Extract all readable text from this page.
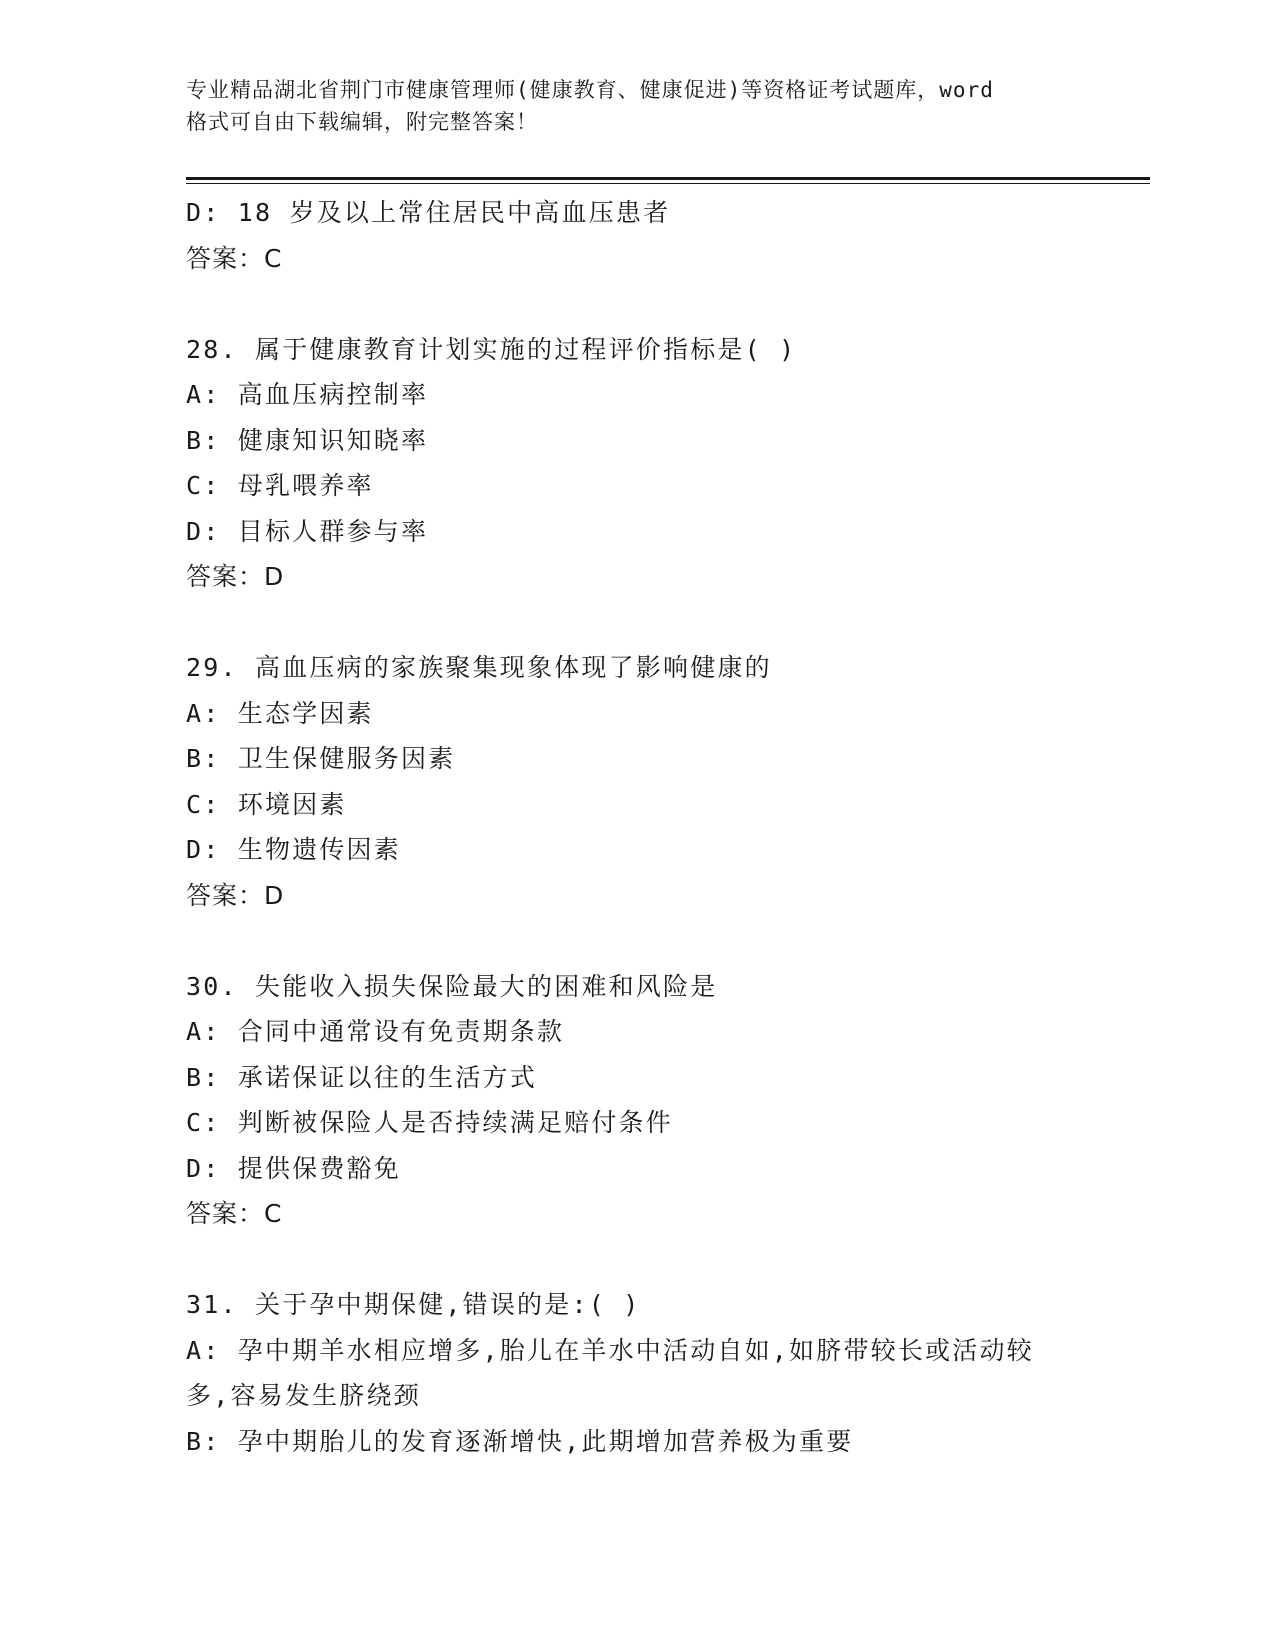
专业精品湖北省荆门市健康管理师(健康教育、健康促进)等资格证考试题库，word
格式可自由下载编辑，附完整答案！
D: 18 岁及以上常住居民中高血压患者
答案：C
28. 属于健康教育计划实施的过程评价指标是( )
A: 高血压病控制率
B: 健康知识知晓率
C: 母乳喂养率
D: 目标人群参与率
答案：D
29. 高血压病的家族聚集现象体现了影响健康的
A: 生态学因素
B: 卫生保健服务因素
C: 环境因素
D: 生物遗传因素
答案：D
30. 失能收入损失保险最大的困难和风险是
A: 合同中通常设有免责期条款
B: 承诺保证以往的生活方式
C: 判断被保险人是否持续满足赔付条件
D: 提供保费豁免
答案：C
31. 关于孕中期保健,错误的是:( )
A: 孕中期羊水相应增多,胎儿在羊水中活动自如,如脐带较长或活动较
多,容易发生脐绕颈
B: 孕中期胎儿的发育逐渐增快,此期增加营养极为重要
